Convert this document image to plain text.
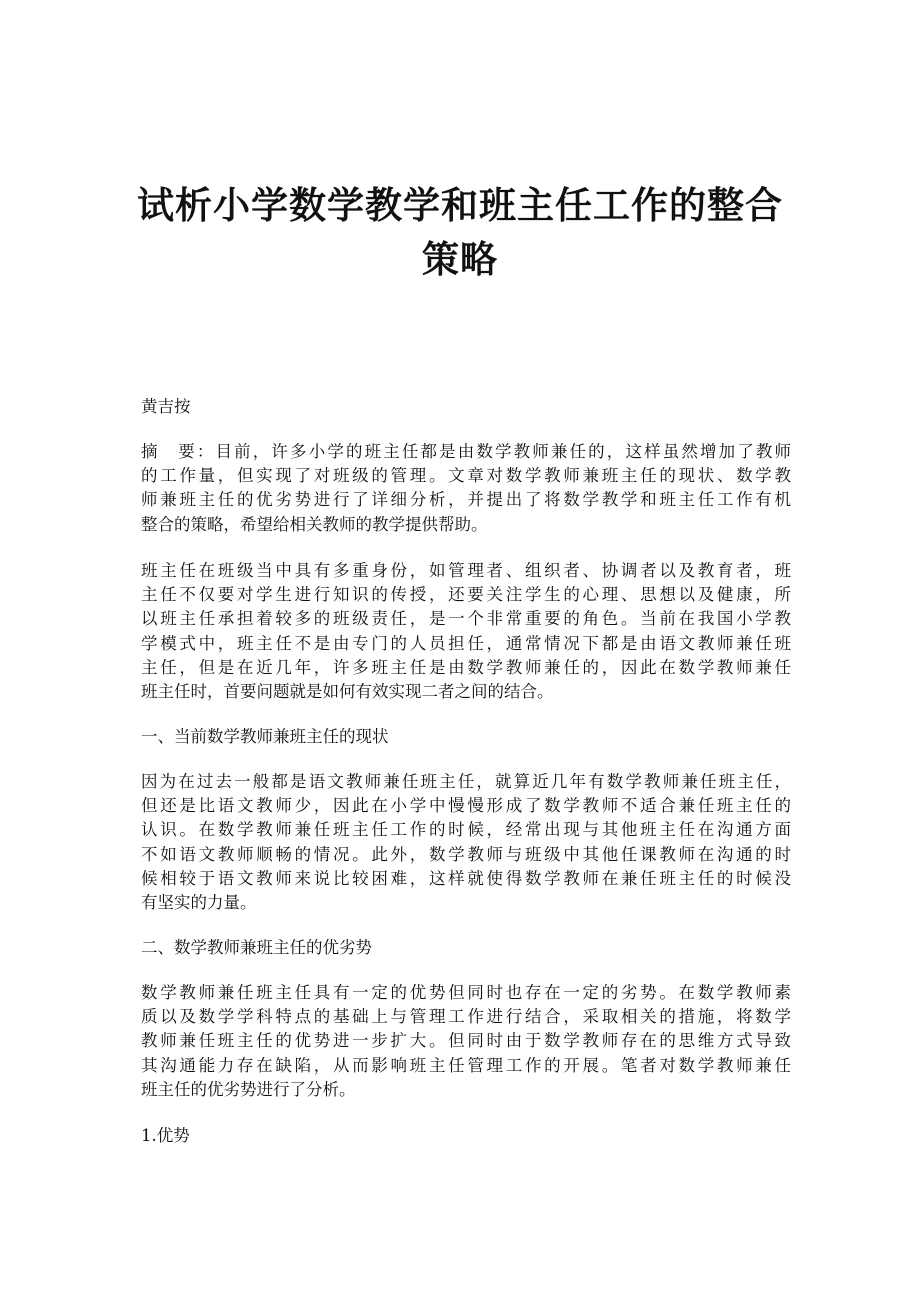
试析小学数学教学和班主任工作的整合
策略

黄吉按

摘　要：目前，许多小学的班主任都是由数学教师兼任的，这样虽然增加了教师
的工作量，但实现了对班级的管理。文章对数学教师兼班主任的现状、数学教
师兼班主任的优劣势进行了详细分析，并提出了将数学教学和班主任工作有机
整合的策略，希望给相关教师的教学提供帮助。

班主任在班级当中具有多重身份，如管理者、组织者、协调者以及教育者，班
主任不仅要对学生进行知识的传授，还要关注学生的心理、思想以及健康，所
以班主任承担着较多的班级责任，是一个非常重要的角色。当前在我国小学教
学模式中，班主任不是由专门的人员担任，通常情况下都是由语文教师兼任班
主任，但是在近几年，许多班主任是由数学教师兼任的，因此在数学教师兼任
班主任时，首要问题就是如何有效实现二者之间的结合。

一、当前数学教师兼班主任的现状

因为在过去一般都是语文教师兼任班主任，就算近几年有数学教师兼任班主任，
但还是比语文教师少，因此在小学中慢慢形成了数学教师不适合兼任班主任的
认识。在数学教师兼任班主任工作的时候，经常出现与其他班主任在沟通方面
不如语文教师顺畅的情况。此外，数学教师与班级中其他任课教师在沟通的时
候相较于语文教师来说比较困难，这样就使得数学教师在兼任班主任的时候没
有坚实的力量。

二、数学教师兼班主任的优劣势

数学教师兼任班主任具有一定的优势但同时也存在一定的劣势。在数学教师素
质以及数学学科特点的基础上与管理工作进行结合，采取相关的措施，将数学
教师兼任班主任的优势进一步扩大。但同时由于数学教师存在的思维方式导致
其沟通能力存在缺陷，从而影响班主任管理工作的开展。笔者对数学教师兼任
班主任的优劣势进行了分析。

1.优势
